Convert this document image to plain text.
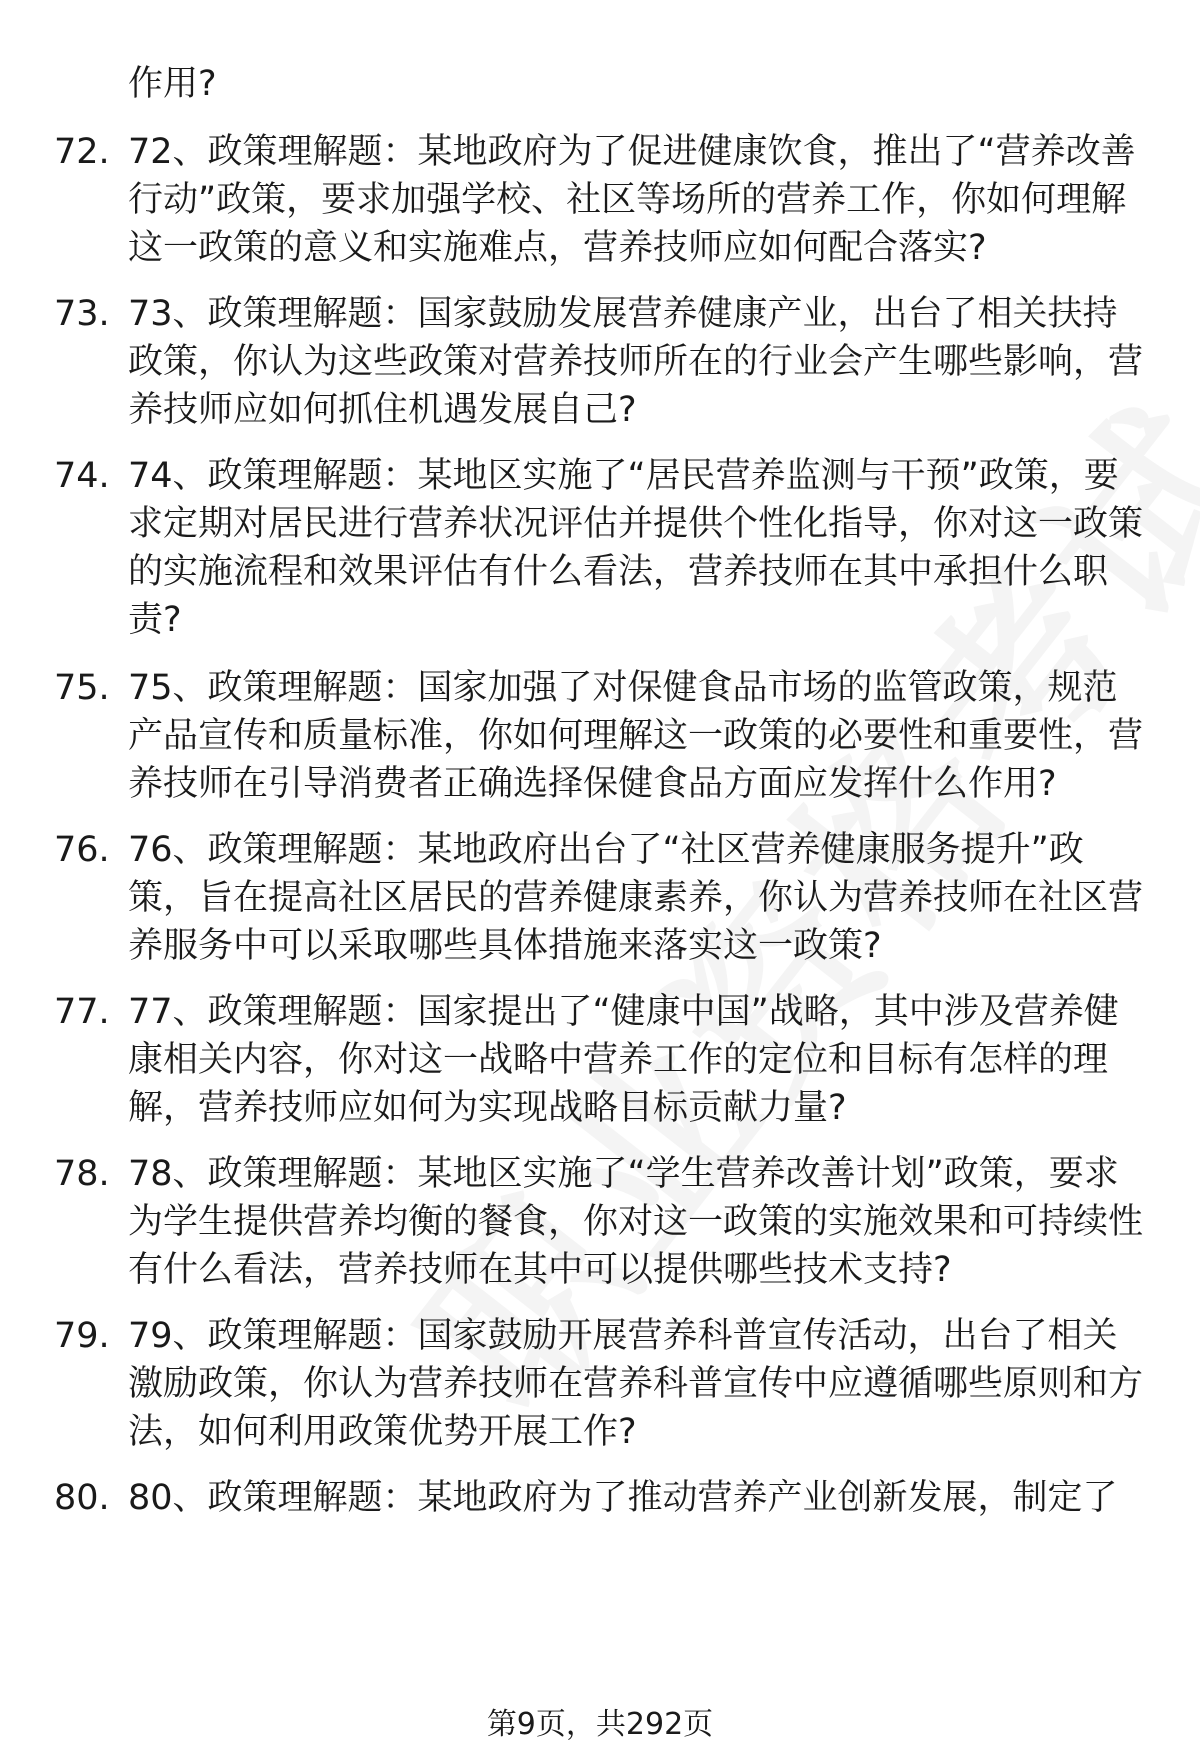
作用?

72. 72、政策理解题：某地政府为了促进健康饮食，推出了“营养改善行动”政策，要求加强学校、社区等场所的营养工作，你如何理解这一政策的意义和实施难点，营养技师应如何配合落实?

73. 73、政策理解题：国家鼓励发展营养健康产业，出台了相关扶持政策，你认为这些政策对营养技师所在的行业会产生哪些影响，营养技师应如何抓住机遇发展自己?

74. 74、政策理解题：某地区实施了“居民营养监测与干预”政策，要求定期对居民进行营养状况评估并提供个性化指导，你对这一政策的实施流程和效果评估有什么看法，营养技师在其中承担什么职责?

75. 75、政策理解题：国家加强了对保健食品市场的监管政策，规范产品宣传和质量标准，你如何理解这一政策的必要性和重要性，营养技师在引导消费者正确选择保健食品方面应发挥什么作用?

76. 76、政策理解题：某地政府出台了“社区营养健康服务提升”政策，旨在提高社区居民的营养健康素养，你认为营养技师在社区营养服务中可以采取哪些具体措施来落实这一政策?

77. 77、政策理解题：国家提出了“健康中国”战略，其中涉及营养健康相关内容，你对这一战略中营养工作的定位和目标有怎样的理解，营养技师应如何为实现战略目标贡献力量?

78. 78、政策理解题：某地区实施了“学生营养改善计划”政策，要求为学生提供营养均衡的餐食，你对这一政策的实施效果和可持续性有什么看法，营养技师在其中可以提供哪些技术支持?

79. 79、政策理解题：国家鼓励开展营养科普宣传活动，出台了相关激励政策，你认为营养技师在营养科普宣传中应遵循哪些原则和方法，如何利用政策优势开展工作?

80. 80、政策理解题：某地政府为了推动营养产业创新发展，制定了

第9页，共292页
